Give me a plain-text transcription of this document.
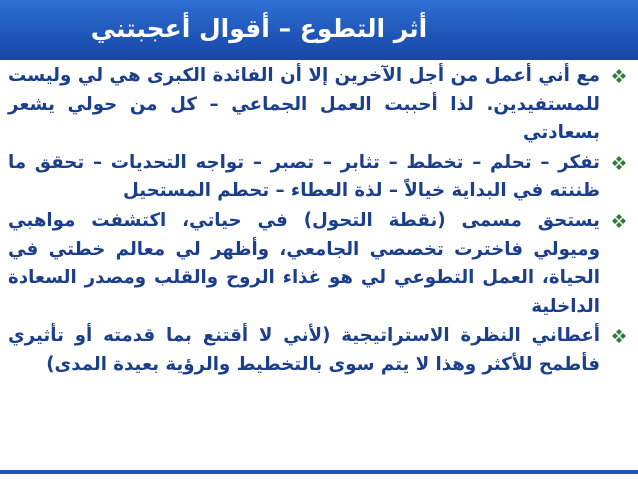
أثر التطوع – أقوال أعجبتني
مع أني أعمل من أجل الآخرين إلا أن الفائدة الكبرى هي لي وليست للمستفيدين. لذا أحببت العمل الجماعي – كل من حولي يشعر بسعادتي
تفكر – تحلم – تخطط – تثابر – تصبر – تواجه التحديات – تحقق ما ظننته في البداية خيالاً – لذة العطاء – تحطم المستحيل
يستحق مسمى (نقطة التحول) في حياتي، اكتشفت مواهبي وميولي فاخترت تخصصي الجامعي، وأظهر لي معالم خطتي في الحياة، العمل التطوعي لي هو غذاء الروح والقلب ومصدر السعادة الداخلية
أعطاني النظرة الاستراتيجية (لأني لا أقتنع بما قدمته أو تأثيري فأطمح للأكثر وهذا لا يتم سوى بالتخطيط والرؤية بعيدة المدى)
